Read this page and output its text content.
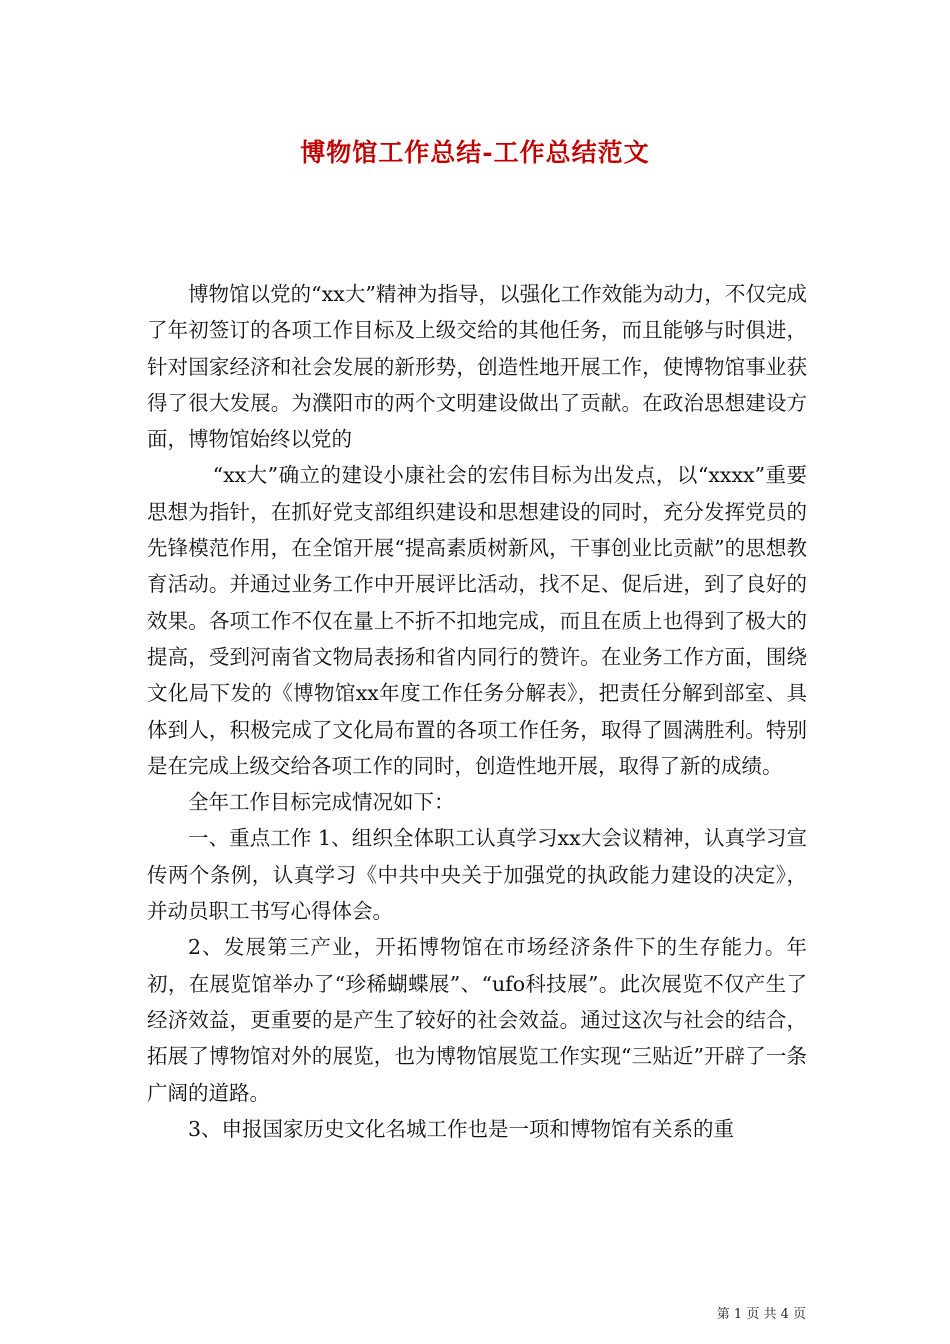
博物馆工作总结-工作总结范文

博物馆以党的“xx大”精神为指导，以强化工作效能为动力，不仅完成了年初签订的各项工作目标及上级交给的其他任务，而且能够与时俱进，针对国家经济和社会发展的新形势，创造性地开展工作，使博物馆事业获得了很大发展。为濮阳市的两个文明建设做出了贡献。在政治思想建设方面，博物馆始终以党的

“xx大”确立的建设小康社会的宏伟目标为出发点，以“xxxx”重要思想为指针，在抓好党支部组织建设和思想建设的同时，充分发挥党员的先锋模范作用，在全馆开展“提高素质树新风，干事创业比贡献”的思想教育活动。并通过业务工作中开展评比活动，找不足、促后进，到了良好的效果。各项工作不仅在量上不折不扣地完成，而且在质上也得到了极大的提高，受到河南省文物局表扬和省内同行的赞许。在业务工作方面，围绕文化局下发的《博物馆xx年度工作任务分解表》，把责任分解到部室、具体到人，积极完成了文化局布置的各项工作任务，取得了圆满胜利。特别是在完成上级交给各项工作的同时，创造性地开展，取得了新的成绩。

全年工作目标完成情况如下：

一、重点工作 1、组织全体职工认真学习xx大会议精神，认真学习宣传两个条例，认真学习《中共中央关于加强党的执政能力建设的决定》，并动员职工书写心得体会。

2、发展第三产业，开拓博物馆在市场经济条件下的生存能力。年初，在展览馆举办了“珍稀蝴蝶展”、“ufo科技展”。此次展览不仅产生了经济效益，更重要的是产生了较好的社会效益。通过这次与社会的结合，拓展了博物馆对外的展览，也为博物馆展览工作实现“三贴近”开辟了一条广阔的道路。

3、申报国家历史文化名城工作也是一项和博物馆有关系的重

第 1 页 共 4 页
